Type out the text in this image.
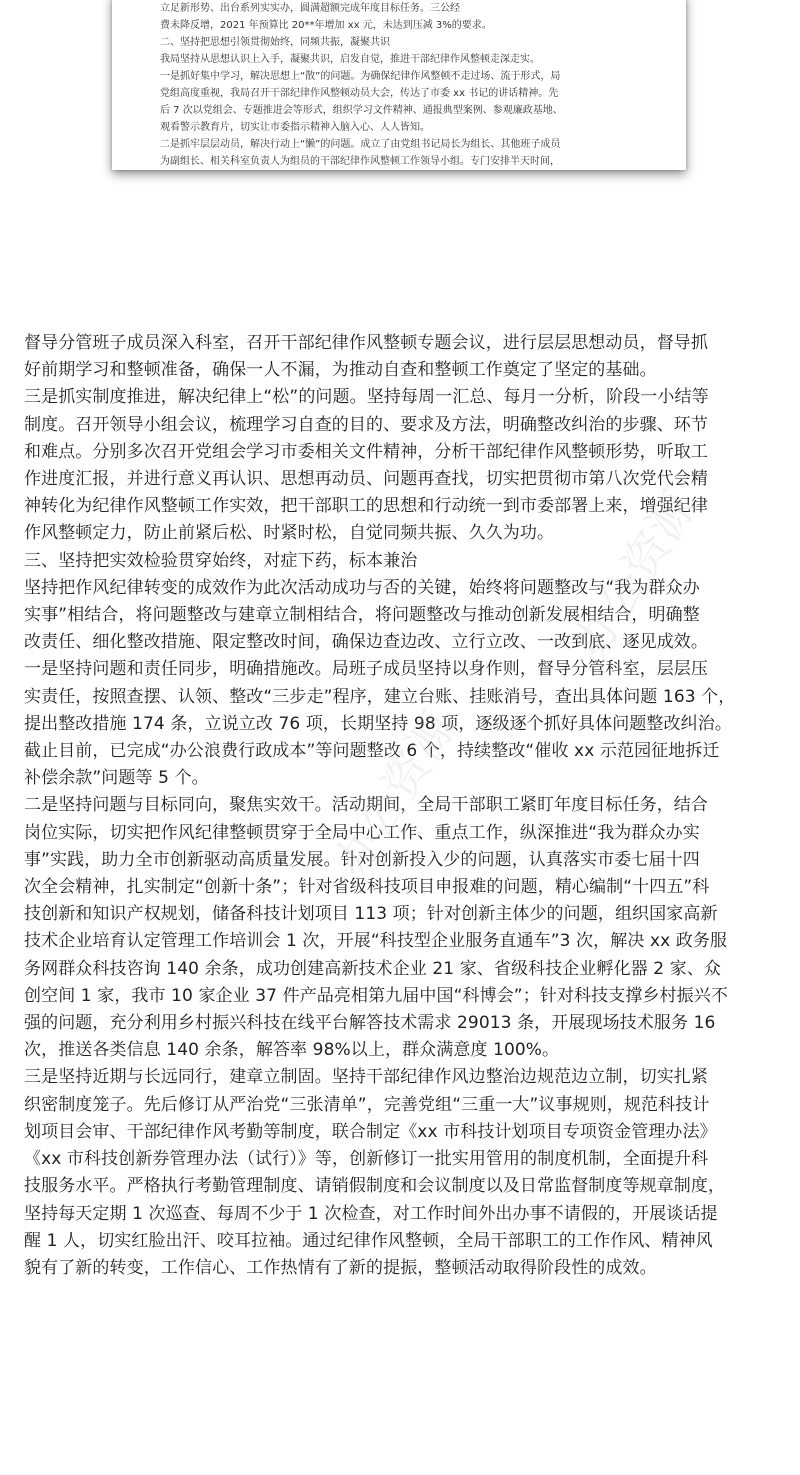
立足新形势、出台系列实实办，圆满超额完成年度目标任务。三公经
费未降反增，2021 年预算比 20**年增加 xx 元，未达到压减 3%的要求。
二、坚持把思想引领贯彻始终，同频共振，凝聚共识
我局坚持从思想认识上入手，凝聚共识，启发自觉，推进干部纪律作风整顿走深走实。
一是抓好集中学习，解决思想上“散”的问题。为确保纪律作风整顿不走过场、流于形式，局
党组高度重视，我局召开干部纪律作风整顿动员大会，传达了市委 xx 书记的讲话精神。先
后 7 次以党组会、专题推进会等形式，组织学习文件精神、通报典型案例、参观廉政基地、
观看警示教育片，切实让市委指示精神入脑入心、人人皆知。
二是抓牢层层动员，解决行动上“懒”的问题。成立了由党组书记局长为组长、其他班子成员
为副组长、相关科室负责人为组员的干部纪律作风整顿工作领导小组。专门安排半天时间，

督导分管班子成员深入科室，召开干部纪律作风整顿专题会议，进行层层思想动员，督导抓

好前期学习和整顿准备，确保一人不漏，为推动自查和整顿工作奠定了坚定的基础。

三是抓实制度推进，解决纪律上“松”的问题。坚持每周一汇总、每月一分析，阶段一小结等

制度。召开领导小组会议，梳理学习自查的目的、要求及方法，明确整改纠治的步骤、环节

和难点。分别多次召开党组会学习市委相关文件精神，分析干部纪律作风整顿形势，听取工

作进度汇报，并进行意义再认识、思想再动员、问题再查找，切实把贯彻市第八次党代会精

神转化为纪律作风整顿工作实效，把干部职工的思想和行动统一到市委部署上来，增强纪律

作风整顿定力，防止前紧后松、时紧时松，自觉同频共振、久久为功。

三、坚持把实效检验贯穿始终，对症下药，标本兼治

坚持把作风纪律转变的成效作为此次活动成功与否的关键，始终将问题整改与“我为群众办

实事”相结合，将问题整改与建章立制相结合，将问题整改与推动创新发展相结合，明确整

改责任、细化整改措施、限定整改时间，确保边查边改、立行立改、一改到底、逐见成效。

一是坚持问题和责任同步，明确措施改。局班子成员坚持以身作则，督导分管科室，层层压

实责任，按照查摆、认领、整改“三步走”程序，建立台账、挂账消号，查出具体问题 163 个，

提出整改措施 174 条，立说立改 76 项，长期坚持 98 项，逐级逐个抓好具体问题整改纠治。

截止目前，已完成“办公浪费行政成本”等问题整改 6 个，持续整改“催收 xx 示范园征地拆迁

补偿余款”问题等 5 个。

二是坚持问题与目标同向，聚焦实效干。活动期间，全局干部职工紧盯年度目标任务，结合

岗位实际，切实把作风纪律整顿贯穿于全局中心工作、重点工作，纵深推进“我为群众办实

事”实践，助力全市创新驱动高质量发展。针对创新投入少的问题，认真落实市委七届十四

次全会精神，扎实制定“创新十条”；针对省级科技项目申报难的问题，精心编制“十四五”科

技创新和知识产权规划，储备科技计划项目 113 项；针对创新主体少的问题，组织国家高新

技术企业培育认定管理工作培训会 1 次，开展“科技型企业服务直通车”3 次，解决 xx 政务服

务网群众科技咨询 140 余条，成功创建高新技术企业 21 家、省级科技企业孵化器 2 家、众

创空间 1 家，我市 10 家企业 37 件产品亮相第九届中国“科博会”；针对科技支撑乡村振兴不

强的问题，充分利用乡村振兴科技在线平台解答技术需求 29013 条，开展现场技术服务 16

次，推送各类信息 140 余条，解答率 98%以上，群众满意度 100%。

三是坚持近期与长远同行，建章立制固。坚持干部纪律作风边整治边规范边立制，切实扎紧

织密制度笼子。先后修订从严治党“三张清单”，完善党组“三重一大”议事规则，规范科技计

划项目会审、干部纪律作风考勤等制度，联合制定《xx 市科技计划项目专项资金管理办法》

《xx 市科技创新券管理办法（试行）》等，创新修订一批实用管用的制度机制，全面提升科

技服务水平。严格执行考勤管理制度、请销假制度和会议制度以及日常监督制度等规章制度，

坚持每天定期 1 次巡查、每周不少于 1 次检查，对工作时间外出办事不请假的，开展谈话提

醒 1 人，切实红脸出汗、咬耳拉袖。通过纪律作风整顿，全局干部职工的工作作风、精神风

貌有了新的转变，工作信心、工作热情有了新的提振，整顿活动取得阶段性的成效。

办公资源
办公资源
